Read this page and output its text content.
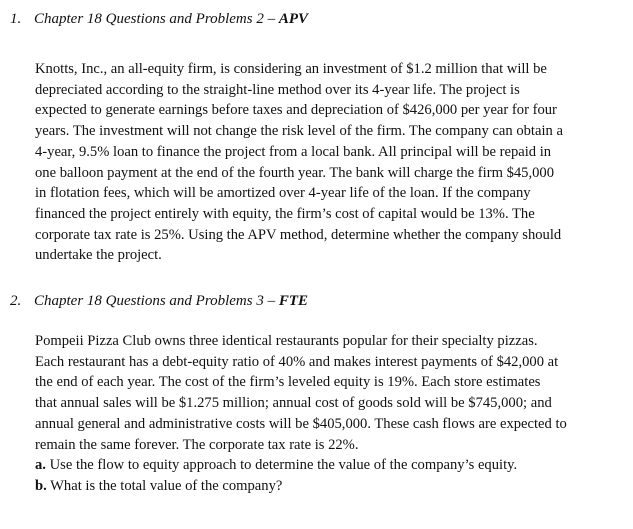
1. Chapter 18 Questions and Problems 2 – APV
Knotts, Inc., an all-equity firm, is considering an investment of $1.2 million that will be
depreciated according to the straight-line method over its 4-year life. The project is
expected to generate earnings before taxes and depreciation of $426,000 per year for four
years. The investment will not change the risk level of the firm. The company can obtain a
4-year, 9.5% loan to finance the project from a local bank. All principal will be repaid in
one balloon payment at the end of the fourth year. The bank will charge the firm $45,000
in flotation fees, which will be amortized over 4-year life of the loan. If the company
financed the project entirely with equity, the firm’s cost of capital would be 13%. The
corporate tax rate is 25%. Using the APV method, determine whether the company should
undertake the project.
2. Chapter 18 Questions and Problems 3 – FTE
Pompeii Pizza Club owns three identical restaurants popular for their specialty pizzas.
Each restaurant has a debt-equity ratio of 40% and makes interest payments of $42,000 at
the end of each year. The cost of the firm’s leveled equity is 19%. Each store estimates
that annual sales will be $1.275 million; annual cost of goods sold will be $745,000; and
annual general and administrative costs will be $405,000. These cash flows are expected to
remain the same forever. The corporate tax rate is 22%.
a. Use the flow to equity approach to determine the value of the company’s equity.
b. What is the total value of the company?
